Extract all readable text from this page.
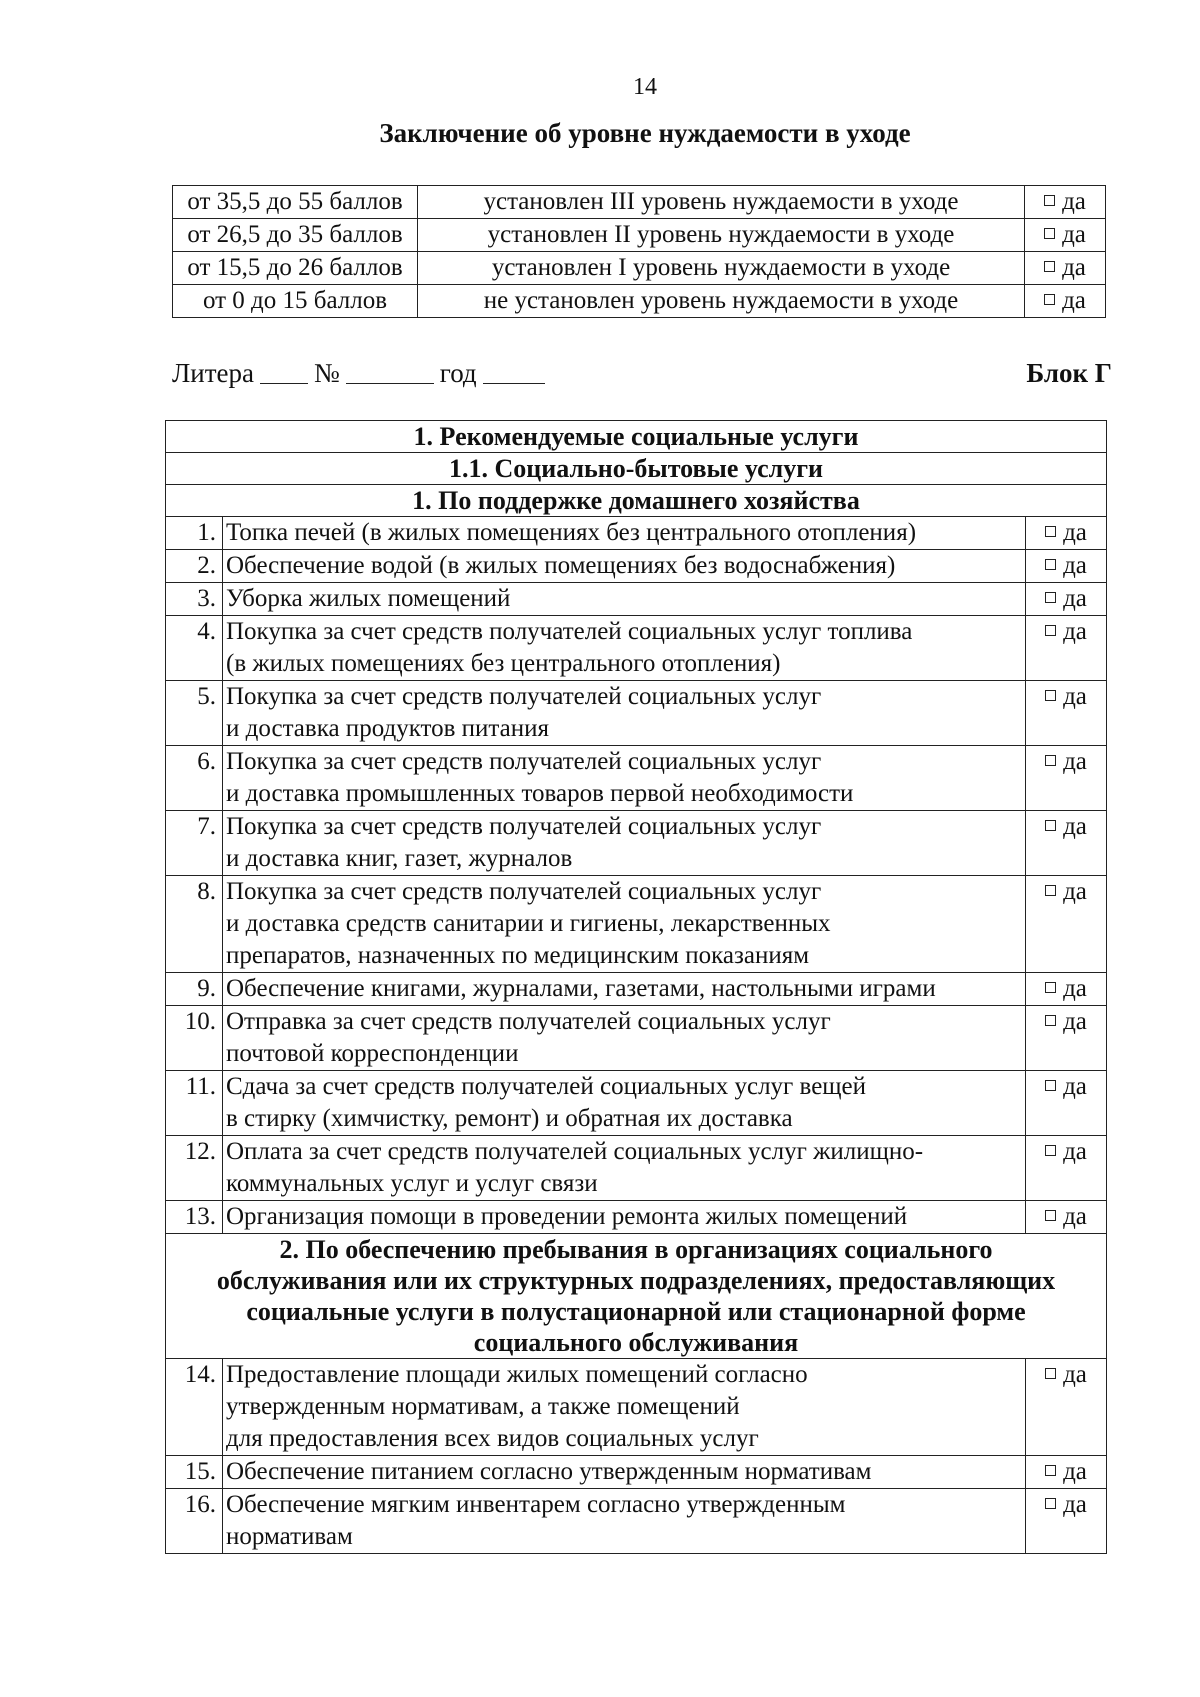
14
Заключение об уровне нуждаемости в уходе
от 35,5 до 55 баллов	установлен III уровень нуждаемости в уходе	да
от 26,5 до 35 баллов	установлен II уровень нуждаемости в уходе	да
от 15,5 до 26 баллов	установлен I уровень нуждаемости в уходе	да
от 0 до 15 баллов	не установлен уровень нуждаемости в уходе	да
Литера №	год	Блок Г
1. Рекомендуемые социальные услуги		
1.1. Социально-бытовые услуги		

1. По поддержке домашнего хозяйства		

1.	Топка печей (в жилых помещениях без центрального отопления)	да
2.	Обеспечение водой (в жилых помещениях без водоснабжения)	да
3.	Уборка жилых помещений	да
4.	Покупка за счет средств получателей социальных услуг топлива
(в жилых помещениях без центрального отопления)	да
5.	Покупка за счет средств получателей социальных услуг
и доставка продуктов питания	да
6.	Покупка за счет средств получателей социальных услуг
и доставка промышленных товаров первой необходимости	да
7.	Покупка за счет средств получателей социальных услуг
и доставка книг, газет, журналов	да
8.	Покупка за счет средств получателей социальных услуг
и доставка средств санитарии и гигиены, лекарственных
препаратов, назначенных по медицинским показаниям	да
9.	Обеспечение книгами, журналами, газетами, настольными играми	да
10.	Отправка за счет средств получателей социальных услуг
почтовой корреспонденции	да
11.	Сдача за счет средств получателей социальных услуг вещей
в стирку (химчистку, ремонт) и обратная их доставка	да
12.	Оплата за счет средств получателей социальных услуг жилищно-
коммунальных услуг и услуг связи	да
13.	Организация помощи в проведении ремонта жилых помещений	да

2. По обеспечению пребывания в организациях социального
обслуживания или их структурных подразделениях, предоставляющих
социальные услуги в полустационарной или стационарной форме
социального обслуживания		

14.	Предоставление площади жилых помещений согласно
утвержденным нормативам, а также помещений
для предоставления всех видов социальных услуг	да
15.	Обеспечение питанием согласно утвержденным нормативам	да
16.	Обеспечение мягким инвентарем согласно утвержденным
нормативам	да
